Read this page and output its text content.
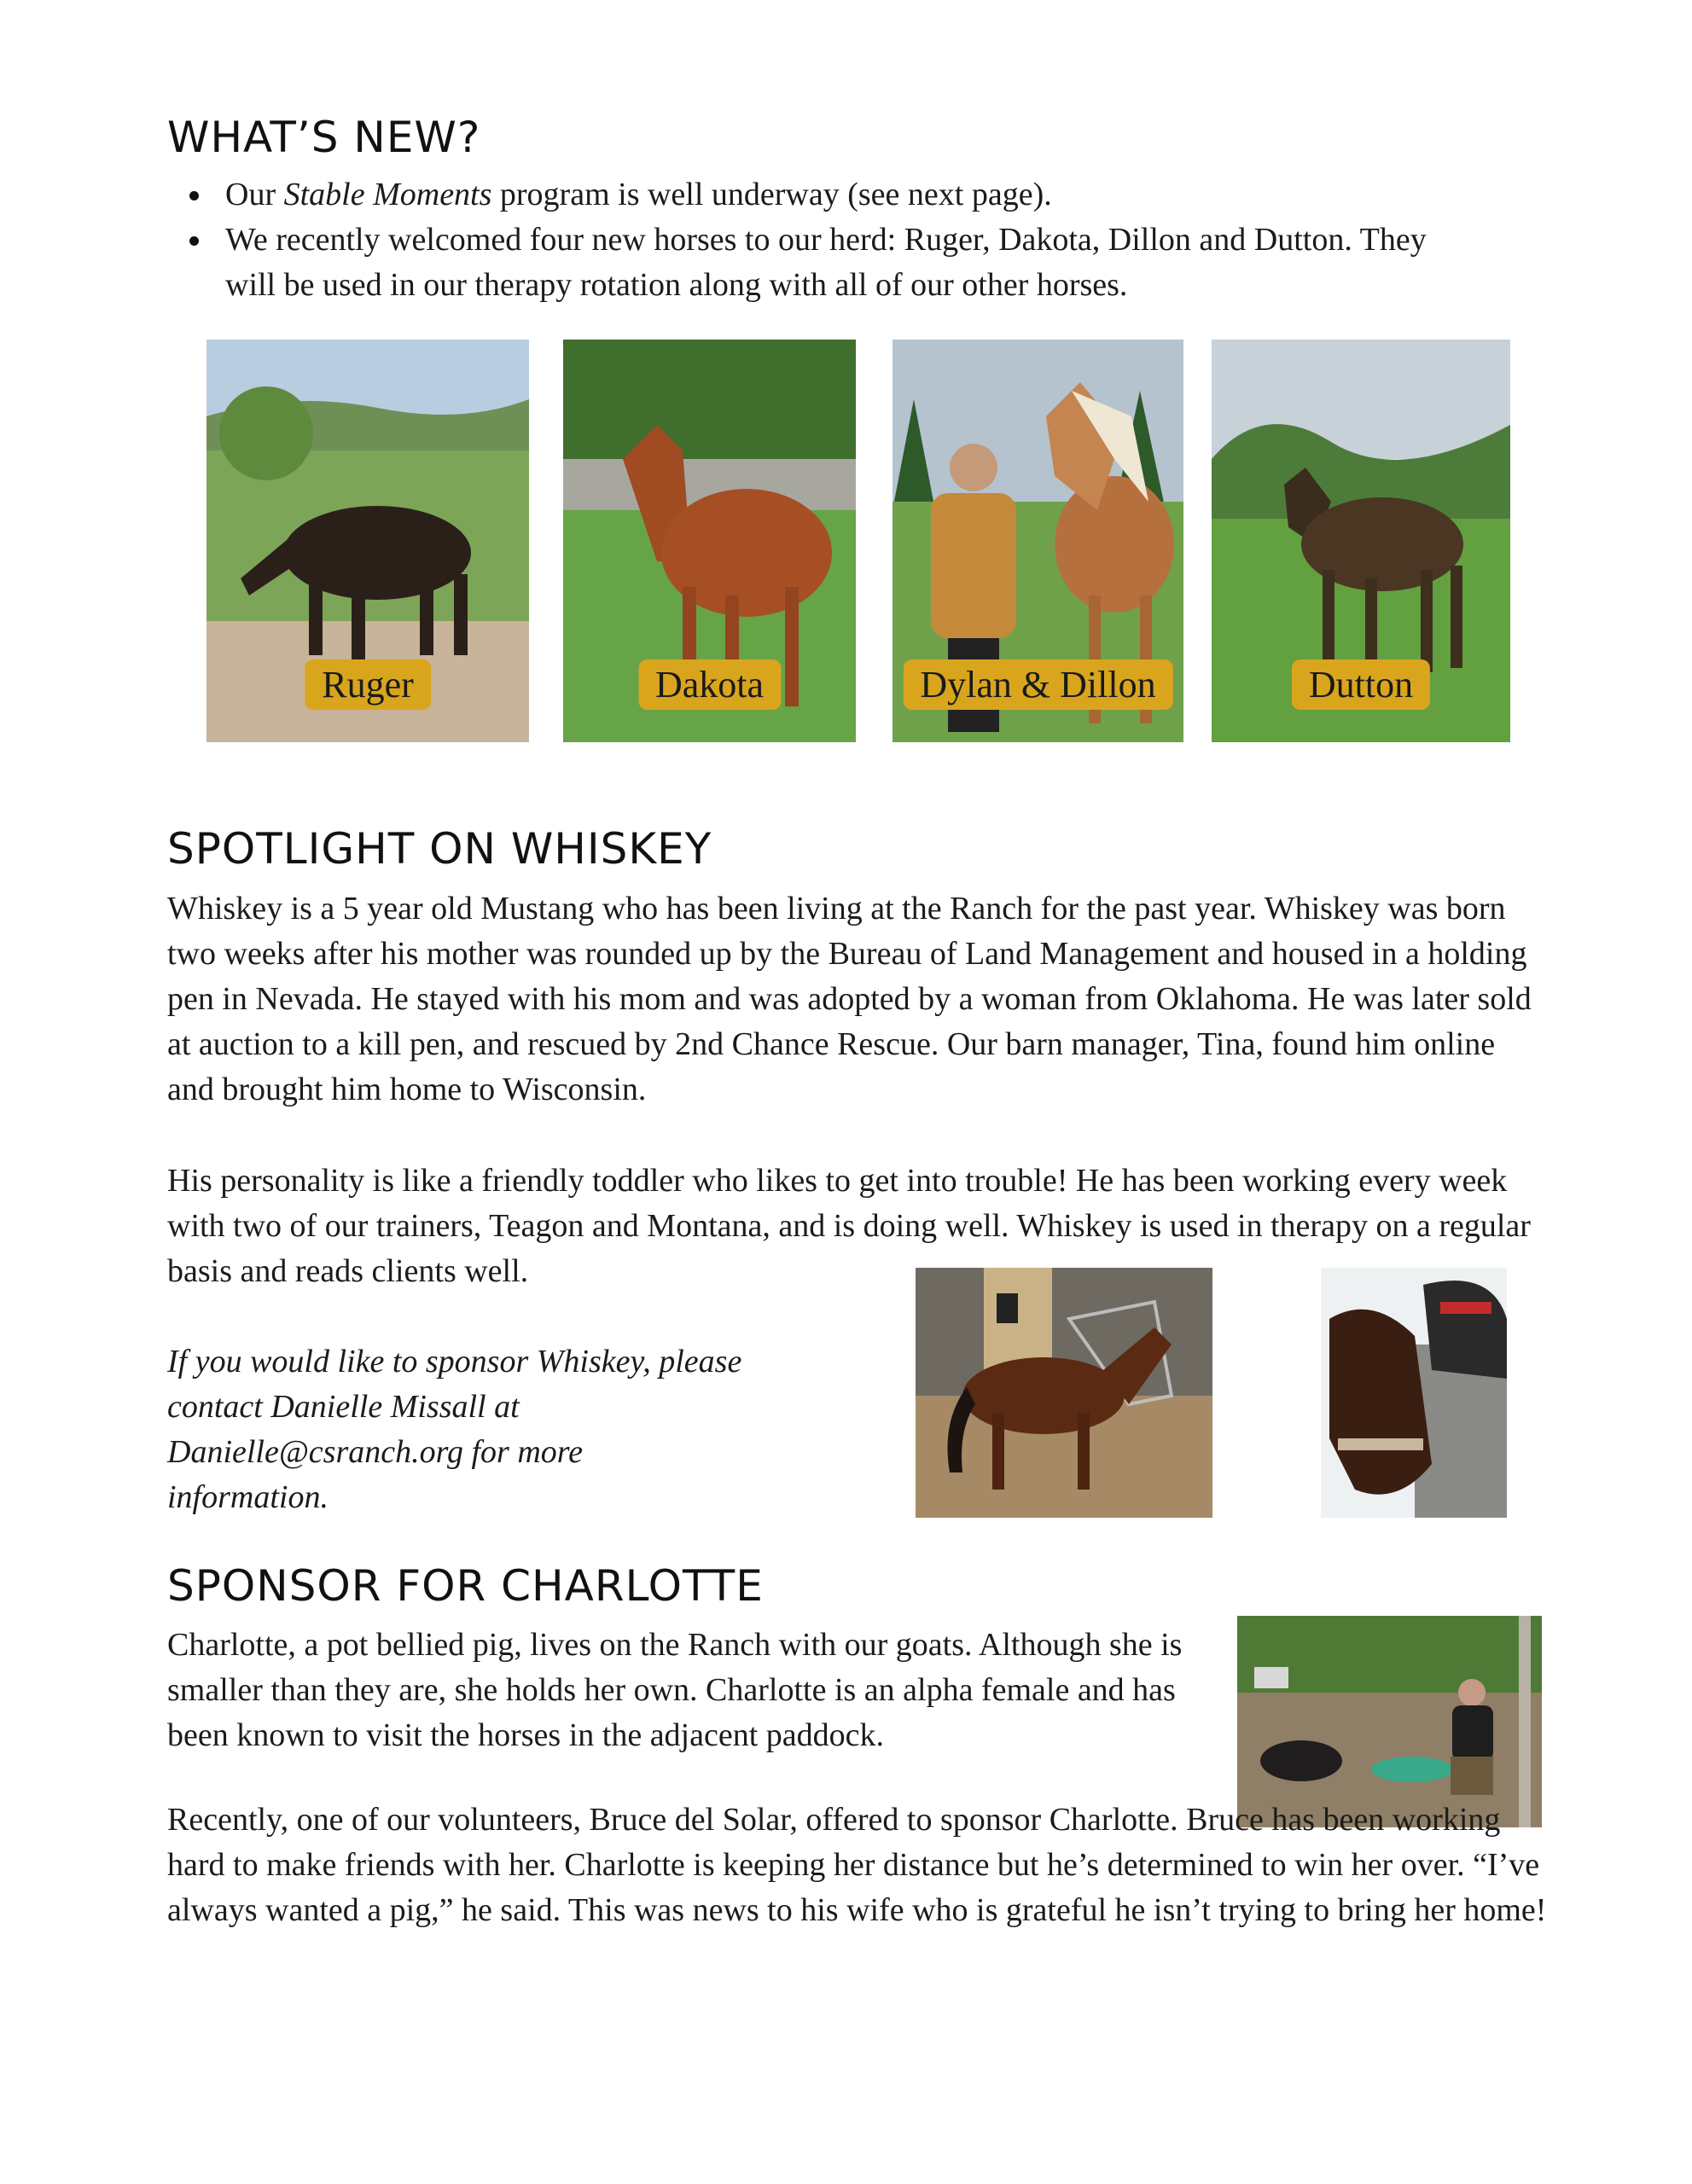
WHAT’S NEW?
Our Stable Moments program is well underway (see next page).
We recently welcomed four new horses to our herd: Ruger, Dakota, Dillon and Dutton. They will be used in our therapy rotation along with all of our other horses.
Ruger	Dakota	Dylan & Dillon	Dutton
SPOTLIGHT ON WHISKEY

Whiskey is a 5 year old Mustang who has been living at the Ranch for the past year. Whiskey was born two weeks after his mother was rounded up by the Bureau of Land Management and housed in a holding pen in Nevada. He stayed with his mom and was adopted by a woman from Oklahoma. He was later sold at auction to a kill pen, and rescued by 2nd Chance Rescue. Our barn manager, Tina, found him online and brought him home to Wisconsin.

His personality is like a friendly toddler who likes to get into trouble! He has been working every week with two of our trainers, Teagon and Montana, and is doing well. Whiskey is used in therapy on a regular basis and reads clients well.

If you would like to sponsor Whiskey, please contact Danielle Missall at Danielle@csranch.org for more information.

SPONSOR FOR CHARLOTTE

Charlotte, a pot bellied pig, lives on the Ranch with our goats. Although she is smaller than they are, she holds her own. Charlotte is an alpha female and has been known to visit the horses in the adjacent paddock.

Recently, one of our volunteers, Bruce del Solar, offered to sponsor Charlotte. Bruce has been working hard to make friends with her. Charlotte is keeping her distance but he’s determined to win her over. “I’ve always wanted a pig,” he said. This was news to his wife who is grateful he isn’t trying to bring her home!
